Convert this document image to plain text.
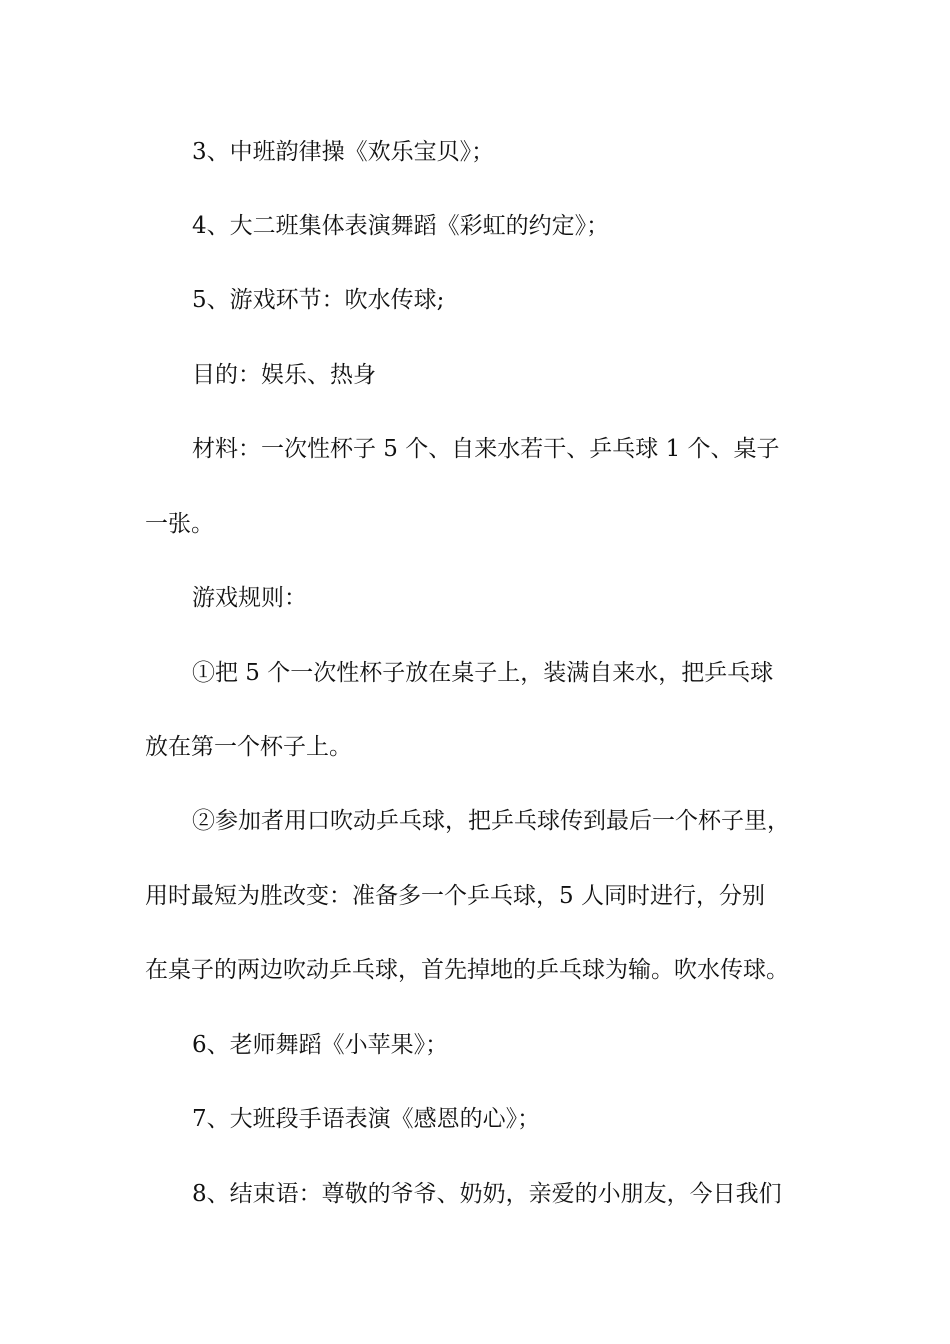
3、中班韵律操《欢乐宝贝》；
4、大二班集体表演舞蹈《彩虹的约定》；
5、游戏环节：吹水传球;
目的：娱乐、热身
材料：一次性杯子 5 个、自来水若干、乒乓球 1 个、桌子
一张。
游戏规则：
①把 5 个一次性杯子放在桌子上，装满自来水，把乒乓球
放在第一个杯子上。
②参加者用口吹动乒乓球，把乒乓球传到最后一个杯子里，
用时最短为胜改变：准备多一个乒乓球，5 人同时进行，分别
在桌子的两边吹动乒乓球，首先掉地的乒乓球为输。吹水传球。
6、老师舞蹈《小苹果》；
7、大班段手语表演《感恩的心》；
8、结束语：尊敬的爷爷、奶奶，亲爱的小朋友，今日我们
